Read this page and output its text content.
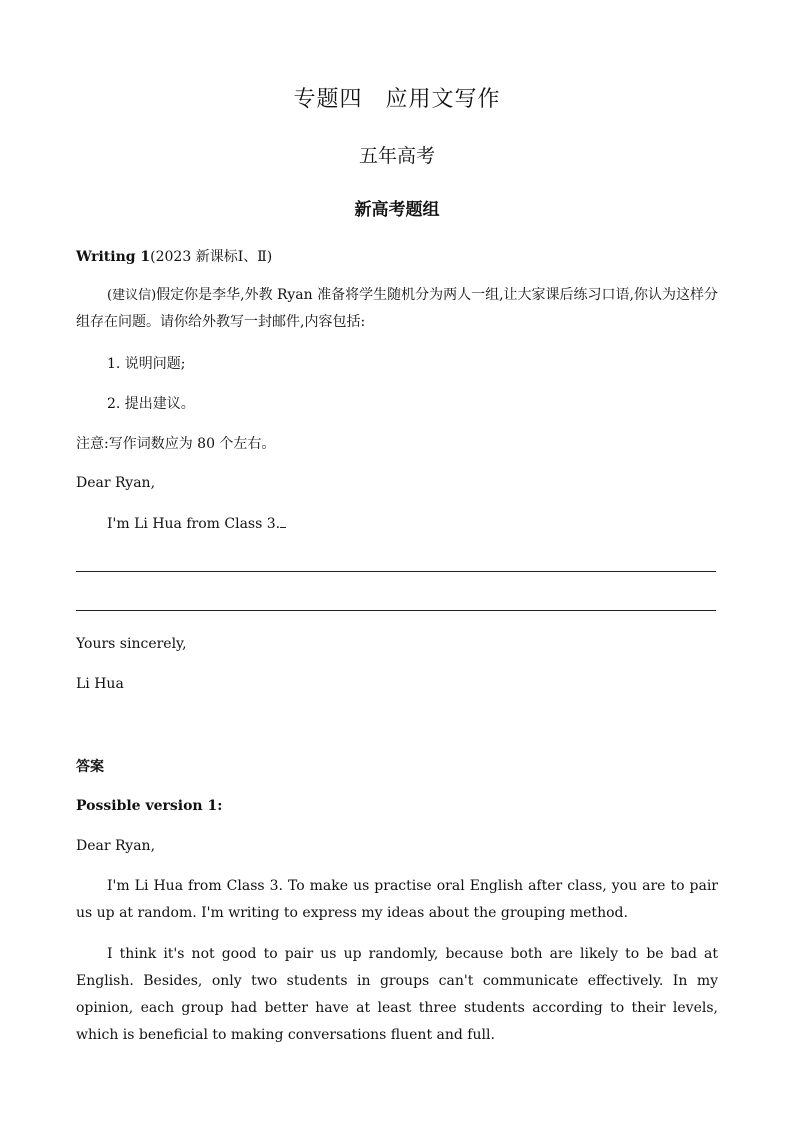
专题四　应用文写作
五年高考
新高考题组
Writing 1(2023 新课标Ⅰ、Ⅱ)
(建议信)假定你是李华,外教 Ryan 准备将学生随机分为两人一组,让大家课后练习口语,你认为这样分组存在问题。请你给外教写一封邮件,内容包括:
1. 说明问题;
2. 提出建议。
注意:写作词数应为 80 个左右。
Dear Ryan,
I'm Li Hua from Class 3.
Yours sincerely,
Li Hua
答案
Possible version 1:
Dear Ryan,
I'm Li Hua from Class 3. To make us practise oral English after class, you are to pair us up at random. I'm writing to express my ideas about the grouping method.
I think it's not good to pair us up randomly, because both are likely to be bad at English. Besides, only two students in groups can't communicate effectively. In my opinion, each group had better have at least three students according to their levels, which is beneficial to making conversations fluent and full.
